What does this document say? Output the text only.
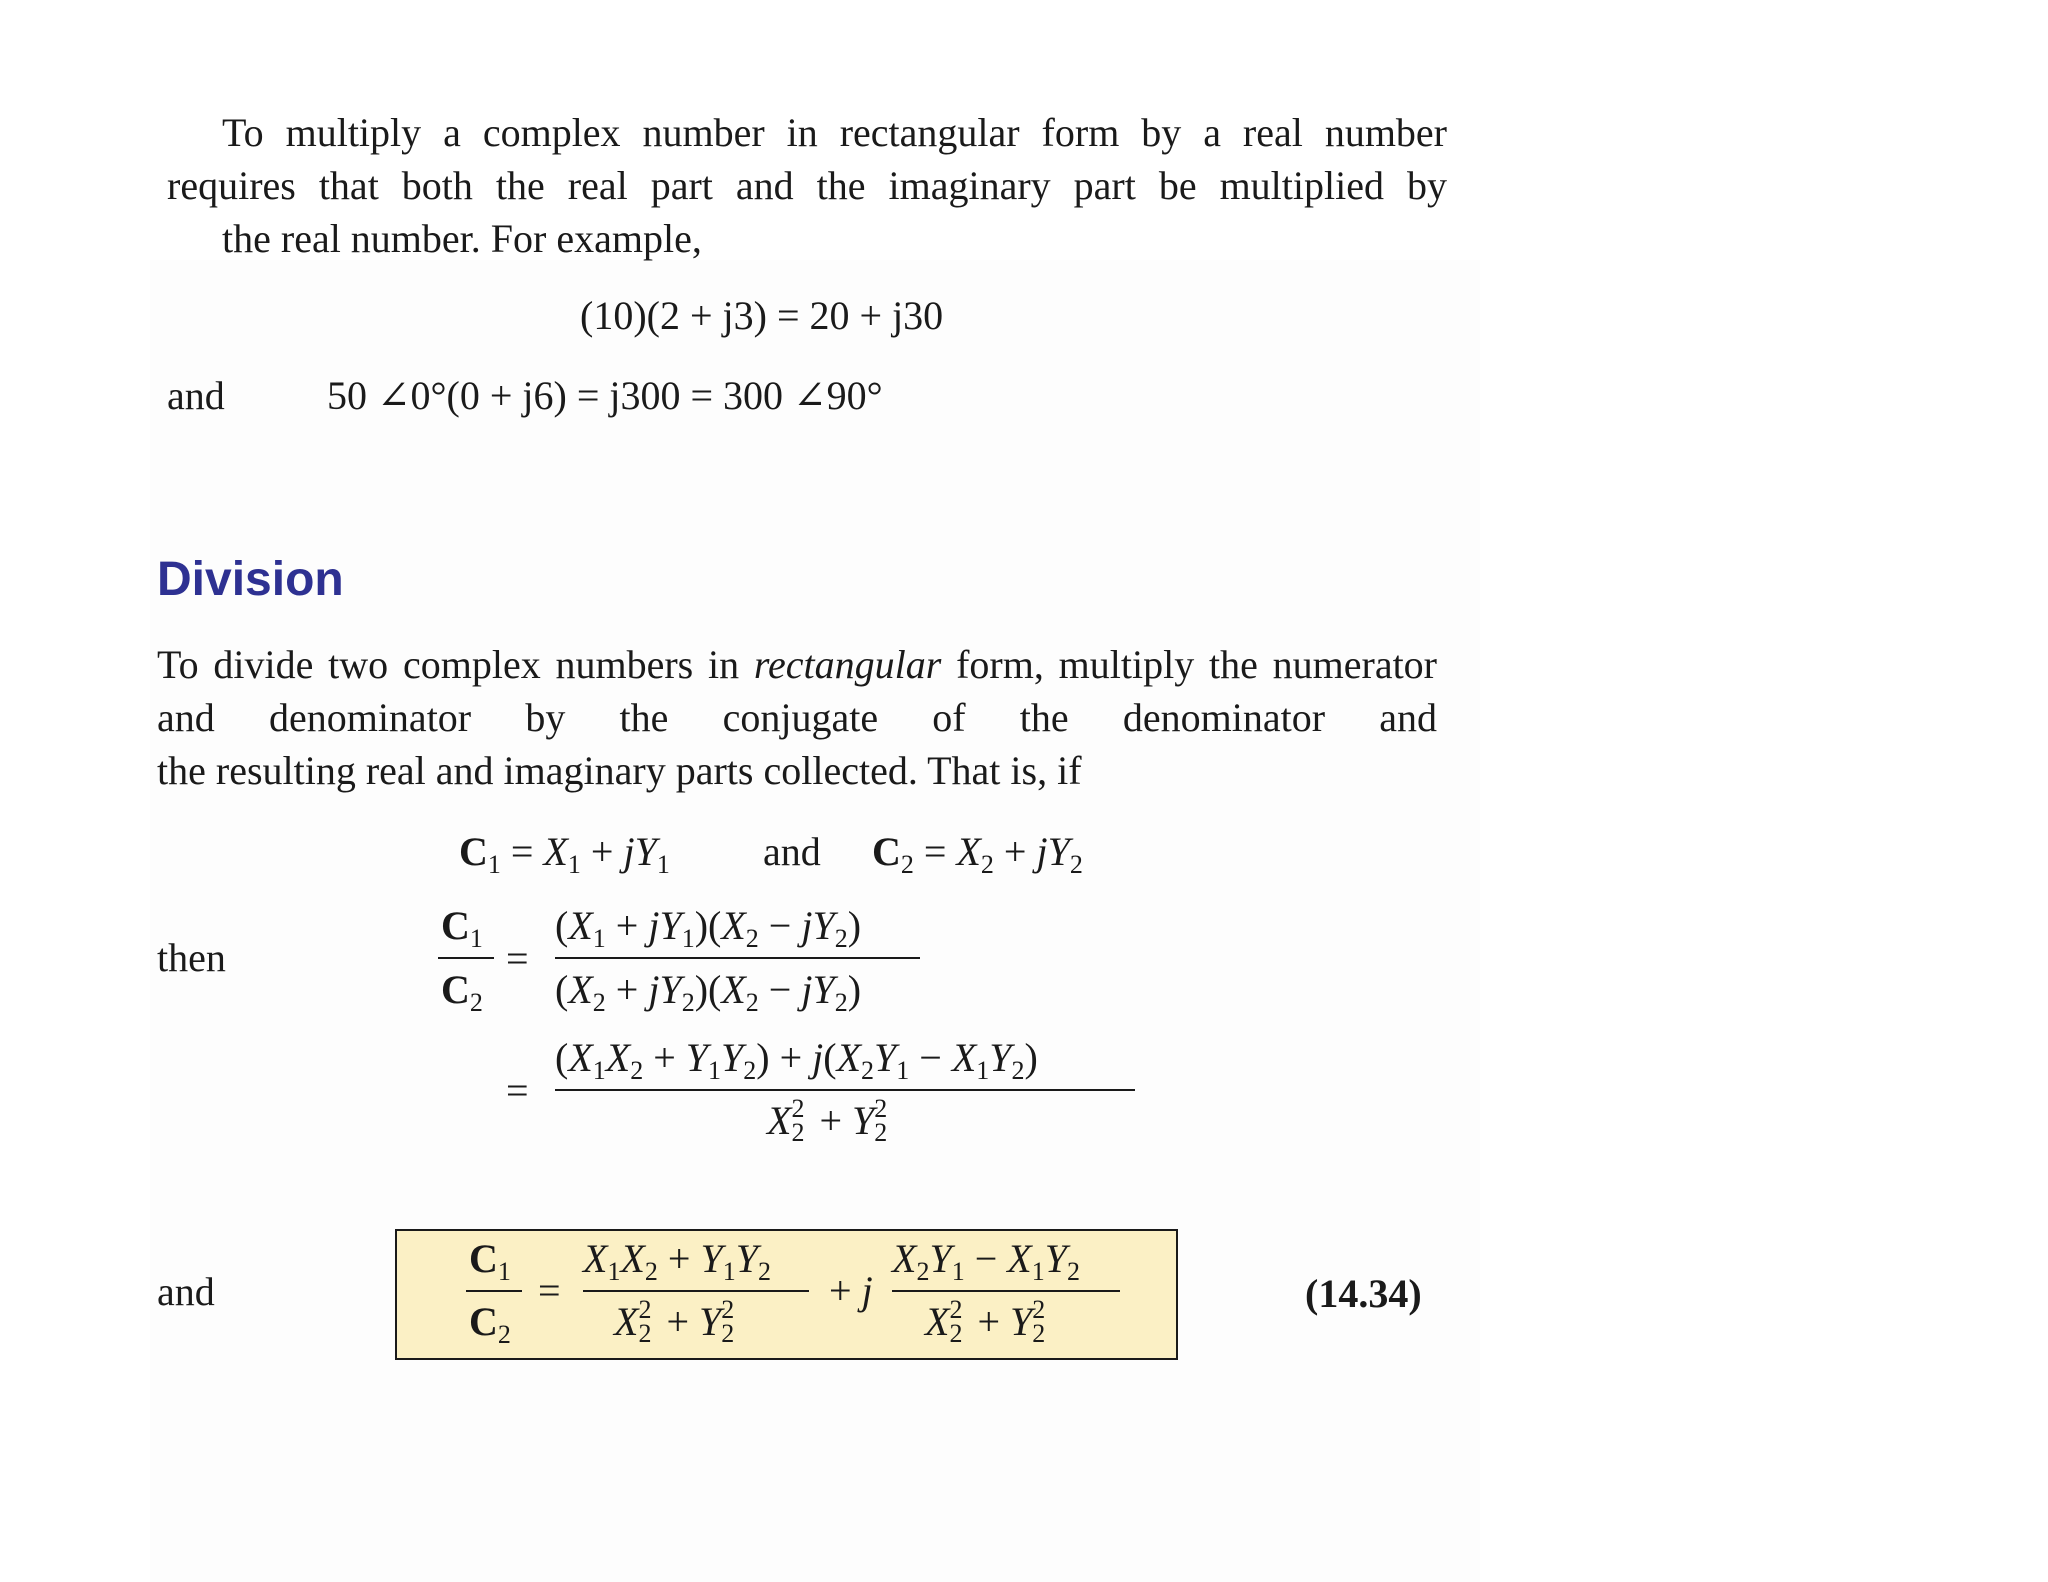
To multiply a complex number in rectangular form by a real number requires that both the real part and the imaginary part be multiplied by
the real number. For example,

(10)(2 + j3) = 20 + j30
and	50 ∠0°(0 + j6) = j300 = 300 ∠90°
Division

To divide two complex numbers in rectangular form, multiply the numerator and denominator by the conjugate of the denominator and
the resulting real and imaginary parts collected. That is, if

$C_1 = X_1 + jY_1$ and $C_2 = X_2 + jY_2$
then
$C_1$
$C_2$
=
$(X_1 + jY_1)(X_2 - jY_2)$
$(X_2 + jY_2)(X_2 - jY_2)$
=
$(X_1X_2 + Y_1Y_2) + j(X_2Y_1 - X_1Y_2)$
X 2
2 + Y 2
2
and
$C_1$
$C_2$
=
$X_1X_2 + Y_1Y_2$
X 2
2 + Y 2
2
+ j
$X_2Y_1 - X_1Y_2$
X 2
2 + Y 2
2
(14.34)
